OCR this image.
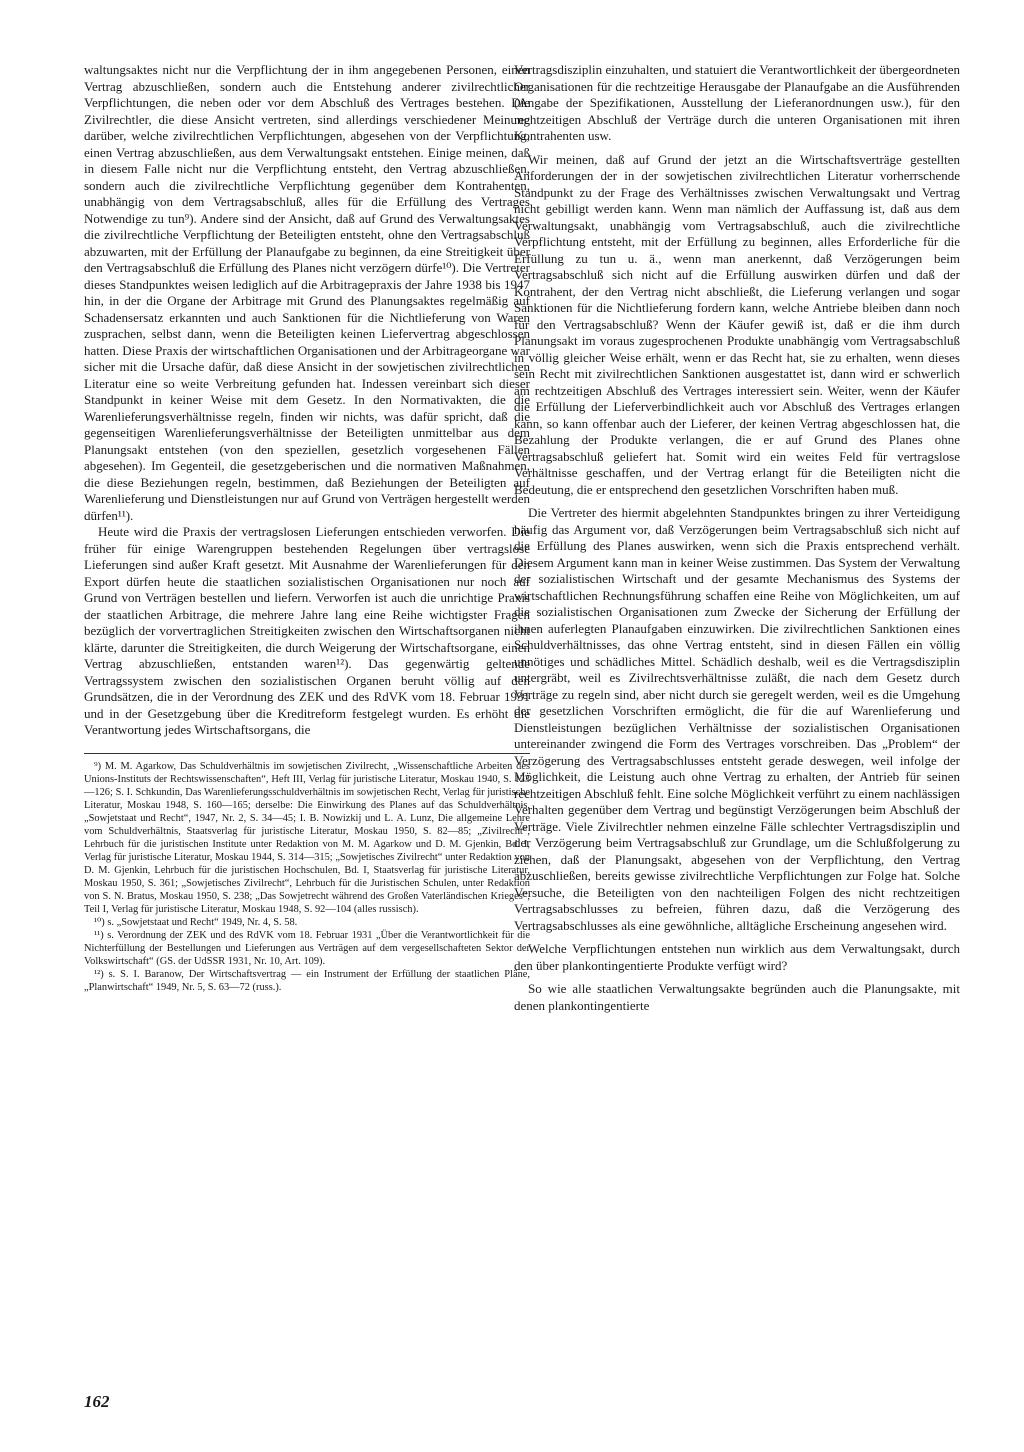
waltungsaktes nicht nur die Verpflichtung der in ihm angegebenen Personen, einen Vertrag abzuschließen, sondern auch die Entstehung anderer zivilrechtlicher Verpflichtungen, die neben oder vor dem Abschluß des Vertrages bestehen. Die Zivilrechtler, die diese Ansicht vertreten, sind allerdings verschiedener Meinung darüber, welche zivilrechtlichen Verpflichtungen, abgesehen von der Verpflichtung, einen Vertrag abzuschließen, aus dem Verwaltungsakt entstehen. Einige meinen, daß in diesem Falle nicht nur die Verpflichtung entsteht, den Vertrag abzuschließen, sondern auch die zivilrechtliche Verpflichtung gegenüber dem Kontrahenten, unabhängig von dem Vertragsabschluß, alles für die Erfüllung des Vertrages Notwendige zu tun⁹). Andere sind der Ansicht, daß auf Grund des Verwaltungsaktes die zivilrechtliche Verpflichtung der Beteiligten entsteht, ohne den Vertragsabschluß abzuwarten, mit der Erfüllung der Planaufgabe zu beginnen, da eine Streitigkeit über den Vertragsabschluß die Erfüllung des Planes nicht verzögern dürfe¹⁰). Die Vertreter dieses Standpunktes weisen lediglich auf die Arbitragepraxis der Jahre 1938 bis 1947 hin, in der die Organe der Arbitrage mit Grund des Planungsaktes regelmäßig auf Schadensersatz erkannten und auch Sanktionen für die Nichtlieferung von Waren zusprachen, selbst dann, wenn die Beteiligten keinen Liefervertrag abgeschlossen hatten. Diese Praxis der wirtschaftlichen Organisationen und der Arbitrageorgane war sicher mit die Ursache dafür, daß diese Ansicht in der sowjetischen zivilrechtlichen Literatur eine so weite Verbreitung gefunden hat. Indessen vereinbart sich dieser Standpunkt in keiner Weise mit dem Gesetz. In den Normativakten, die die Warenlieferungsverhältnisse regeln, finden wir nichts, was dafür spricht, daß die gegenseitigen Warenlieferungsverhältnisse der Beteiligten unmittelbar aus dem Planungsakt entstehen (von den speziellen, gesetzlich vorgesehenen Fällen abgesehen). Im Gegenteil, die gesetzgeberischen und die normativen Maßnahmen, die diese Beziehungen regeln, bestimmen, daß Beziehungen der Beteiligten auf Warenlieferung und Dienstleistungen nur auf Grund von Verträgen hergestellt werden dürfen¹¹).

Heute wird die Praxis der vertragslosen Lieferungen entschieden verworfen. Die früher für einige Warengruppen bestehenden Regelungen über vertragslose Lieferungen sind außer Kraft gesetzt. Mit Ausnahme der Warenlieferungen für den Export dürfen heute die staatlichen sozialistischen Organisationen nur noch auf Grund von Verträgen bestellen und liefern. Verworfen ist auch die unrichtige Praxis der staatlichen Arbitrage, die mehrere Jahre lang eine Reihe wichtigster Fragen bezüglich der vorvertraglichen Streitigkeiten zwischen den Wirtschaftsorganen nicht klärte, darunter die Streitigkeiten, die durch Weigerung der Wirtschaftsorgane, einen Vertrag abzuschließen, entstanden waren¹²). Das gegenwärtig geltende Vertragssystem zwischen den sozialistischen Organen beruht völlig auf den Grundsätzen, die in der Verordnung des ZEK und des RdVK vom 18. Februar 1931 und in der Gesetzgebung über die Kreditreform festgelegt wurden. Es erhöht die Verantwortung jedes Wirtschaftsorgans, die

⁹) M. M. Agarkow, Das Schuldverhältnis im sowjetischen Zivilrecht, „Wissenschaftliche Arbeiten des Unions-Instituts der Rechtswissenschaften“, Heft III, Verlag für juristische Literatur, Moskau 1940, S. 123—126; S. I. Schkundin, Das Warenlieferungsschuldverhältnis im sowjetischen Recht, Verlag für juristische Literatur, Moskau 1948, S. 160—165; derselbe: Die Einwirkung des Planes auf das Schuldverhältnis, „Sowjetstaat und Recht“, 1947, Nr. 2, S. 34—45; I. B. Nowizkij und L. A. Lunz, Die allgemeine Lehre vom Schuldverhältnis, Staatsverlag für juristische Literatur, Moskau 1950, S. 82—85; „Zivilrecht“, Lehrbuch für die juristischen Institute unter Redaktion von M. M. Agarkow und D. M. Gjenkin, Bd. I, Verlag für juristische Literatur, Moskau 1944, S. 314—315; „Sowjetisches Zivilrecht“ unter Redaktion von D. M. Gjenkin, Lehrbuch für die juristischen Hochschulen, Bd. I, Staatsverlag für juristische Literatur, Moskau 1950, S. 361; „Sowjetisches Zivilrecht“, Lehrbuch für die Juristischen Schulen, unter Redaktion von S. N. Bratus, Moskau 1950, S. 238; „Das Sowjetrecht während des Großen Vaterländischen Krieges“, Teil I, Verlag für juristische Literatur, Moskau 1948, S. 92—104 (alles russisch).

¹⁰) s. „Sowjetstaat und Recht“ 1949, Nr. 4, S. 58.

¹¹) s. Verordnung der ZEK und des RdVK vom 18. Februar 1931 „Über die Verantwortlichkeit für die Nichterfüllung der Bestellungen und Lieferungen aus Verträgen auf dem vergesellschafteten Sektor der Volkswirtschaft“ (GS. der UdSSR 1931, Nr. 10, Art. 109).

¹²) s. S. I. Baranow, Der Wirtschaftsvertrag — ein Instrument der Erfüllung der staatlichen Pläne, „Planwirtschaft“ 1949, Nr. 5, S. 63—72 (russ.).

Vertragsdisziplin einzuhalten, und statuiert die Verantwortlichkeit der übergeordneten Organisationen für die rechtzeitige Herausgabe der Planaufgabe an die Ausführenden (Angabe der Spezifikationen, Ausstellung der Lieferanordnungen usw.), für den rechtzeitigen Abschluß der Verträge durch die unteren Organisationen mit ihren Kontrahenten usw.

Wir meinen, daß auf Grund der jetzt an die Wirtschaftsverträge gestellten Anforderungen der in der sowjetischen zivilrechtlichen Literatur vorherrschende Standpunkt zu der Frage des Verhältnisses zwischen Verwaltungsakt und Vertrag nicht gebilligt werden kann. Wenn man nämlich der Auffassung ist, daß aus dem Verwaltungsakt, unabhängig vom Vertragsabschluß, auch die zivilrechtliche Verpflichtung entsteht, mit der Erfüllung zu beginnen, alles Erforderliche für die Erfüllung zu tun u. ä., wenn man anerkennt, daß Verzögerungen beim Vertragsabschluß sich nicht auf die Erfüllung auswirken dürfen und daß der Kontrahent, der den Vertrag nicht abschließt, die Lieferung verlangen und sogar Sanktionen für die Nichtlieferung fordern kann, welche Antriebe bleiben dann noch für den Vertragsabschluß? Wenn der Käufer gewiß ist, daß er die ihm durch Planungsakt im voraus zugesprochenen Produkte unabhängig vom Vertragsabschluß in völlig gleicher Weise erhält, wenn er das Recht hat, sie zu erhalten, wenn dieses sein Recht mit zivilrechtlichen Sanktionen ausgestattet ist, dann wird er schwerlich am rechtzeitigen Abschluß des Vertrages interessiert sein. Weiter, wenn der Käufer die Erfüllung der Lieferverbindlichkeit auch vor Abschluß des Vertrages erlangen kann, so kann offenbar auch der Lieferer, der keinen Vertrag abgeschlossen hat, die Bezahlung der Produkte verlangen, die er auf Grund des Planes ohne Vertragsabschluß geliefert hat. Somit wird ein weites Feld für vertragslose Verhältnisse geschaffen, und der Vertrag erlangt für die Beteiligten nicht die Bedeutung, die er entsprechend den gesetzlichen Vorschriften haben muß.

Die Vertreter des hiermit abgelehnten Standpunktes bringen zu ihrer Verteidigung häufig das Argument vor, daß Verzögerungen beim Vertragsabschluß sich nicht auf die Erfüllung des Planes auswirken, wenn sich die Praxis entsprechend verhält. Diesem Argument kann man in keiner Weise zustimmen. Das System der Verwaltung der sozialistischen Wirtschaft und der gesamte Mechanismus des Systems der wirtschaftlichen Rechnungsführung schaffen eine Reihe von Möglichkeiten, um auf die sozialistischen Organisationen zum Zwecke der Sicherung der Erfüllung der ihnen auferlegten Planaufgaben einzuwirken. Die zivilrechtlichen Sanktionen eines Schuldverhältnisses, das ohne Vertrag entsteht, sind in diesen Fällen ein völlig unnötiges und schädliches Mittel. Schädlich deshalb, weil es die Vertragsdisziplin untergräbt, weil es Zivilrechtsverhältnisse zuläßt, die nach dem Gesetz durch Verträge zu regeln sind, aber nicht durch sie geregelt werden, weil es die Umgehung der gesetzlichen Vorschriften ermöglicht, die für die auf Warenlieferung und Dienstleistungen bezüglichen Verhältnisse der sozialistischen Organisationen untereinander zwingend die Form des Vertrages vorschreiben. Das „Problem“ der Verzögerung des Vertragsabschlusses entsteht gerade deswegen, weil infolge der Möglichkeit, die Leistung auch ohne Vertrag zu erhalten, der Antrieb für seinen rechtzeitigen Abschluß fehlt. Eine solche Möglichkeit verführt zu einem nachlässigen Verhalten gegenüber dem Vertrag und begünstigt Verzögerungen beim Abschluß der Verträge. Viele Zivilrechtler nehmen einzelne Fälle schlechter Vertragsdisziplin und der Verzögerung beim Vertragsabschluß zur Grundlage, um die Schlußfolgerung zu ziehen, daß der Planungsakt, abgesehen von der Verpflichtung, den Vertrag abzuschließen, bereits gewisse zivilrechtliche Verpflichtungen zur Folge hat. Solche Versuche, die Beteiligten von den nachteiligen Folgen des nicht rechtzeitigen Vertragsabschlusses zu befreien, führen dazu, daß die Verzögerung des Vertragsabschlusses als eine gewöhnliche, alltägliche Erscheinung angesehen wird.

Welche Verpflichtungen entstehen nun wirklich aus dem Verwaltungsakt, durch den über plankontingentierte Produkte verfügt wird?

So wie alle staatlichen Verwaltungsakte begründen auch die Planungsakte, mit denen plankontingentierte

162
